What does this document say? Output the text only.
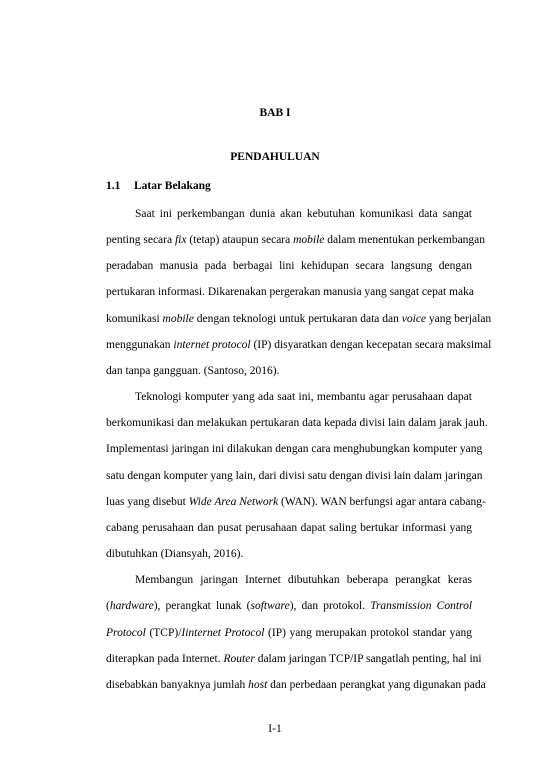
BAB I
PENDAHULUAN
1.1 Latar Belakang
Saat ini perkembangan dunia akan kebutuhan komunikasi data sangat
penting secara fix (tetap) ataupun secara mobile dalam menentukan perkembangan
peradaban manusia pada berbagai lini kehidupan secara langsung dengan
pertukaran informasi. Dikarenakan pergerakan manusia yang sangat cepat maka
komunikasi mobile dengan teknologi untuk pertukaran data dan voice yang berjalan
menggunakan internet protocol (IP) disyaratkan dengan kecepatan secara maksimal
dan tanpa gangguan. (Santoso, 2016).
Teknologi komputer yang ada saat ini, membantu agar perusahaan dapat
berkomunikasi dan melakukan pertukaran data kepada divisi lain dalam jarak jauh.
Implementasi jaringan ini dilakukan dengan cara menghubungkan komputer yang
satu dengan komputer yang lain, dari divisi satu dengan divisi lain dalam jaringan
luas yang disebut Wide Area Network (WAN). WAN berfungsi agar antara cabang-
cabang perusahaan dan pusat perusahaan dapat saling bertukar informasi yang
dibutuhkan (Diansyah, 2016).
Membangun jaringan Internet dibutuhkan beberapa perangkat keras
(hardware), perangkat lunak (software), dan protokol. Transmission Control
Protocol (TCP)/Iinternet Protocol (IP) yang merupakan protokol standar yang
diterapkan pada Internet. Router dalam jaringan TCP/IP sangatlah penting, hal ini
disebabkan banyaknya jumlah host dan perbedaan perangkat yang digunakan pada
I-1
